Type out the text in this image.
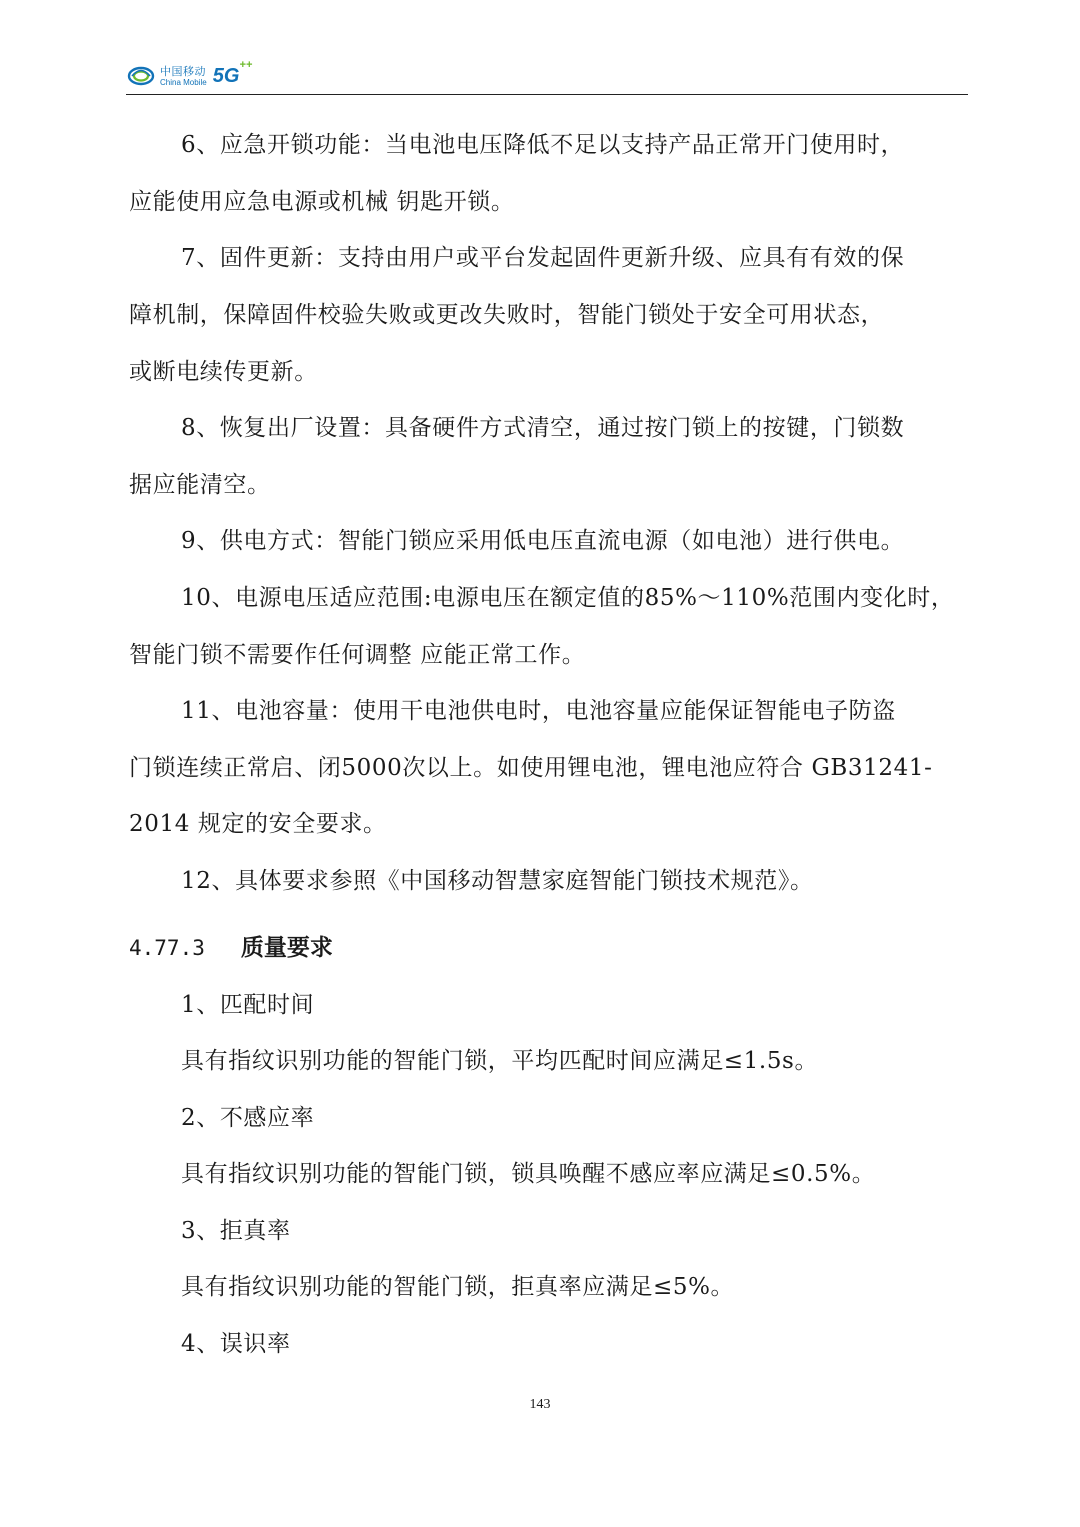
中国移动
China Mobile 5G++
6、应急开锁功能：当电池电压降低不足以支持产品正常开门使用时，
应能使用应急电源或机械 钥匙开锁。
7、固件更新：支持由用户或平台发起固件更新升级、应具有有效的保
障机制，保障固件校验失败或更改失败时，智能门锁处于安全可用状态，
或断电续传更新。
8、恢复出厂设置：具备硬件方式清空，通过按门锁上的按键，门锁数
据应能清空。
9、供电方式：智能门锁应采用低电压直流电源（如电池）进行供电。
10、电源电压适应范围:电源电压在额定值的85%～110%范围内变化时，
智能门锁不需要作任何调整 应能正常工作。
11、电池容量：使用干电池供电时，电池容量应能保证智能电子防盗
门锁连续正常启、闭5000次以上。如使用锂电池，锂电池应符合 GB31241-
2014 规定的安全要求。
12、具体要求参照《中国移动智慧家庭智能门锁技术规范》。
4.77.3 质量要求
1、匹配时间
具有指纹识别功能的智能门锁，平均匹配时间应满足≤1.5s。
2、不感应率
具有指纹识别功能的智能门锁，锁具唤醒不感应率应满足≤0.5%。
3、拒真率
具有指纹识别功能的智能门锁，拒真率应满足≤5%。
4、误识率
143
